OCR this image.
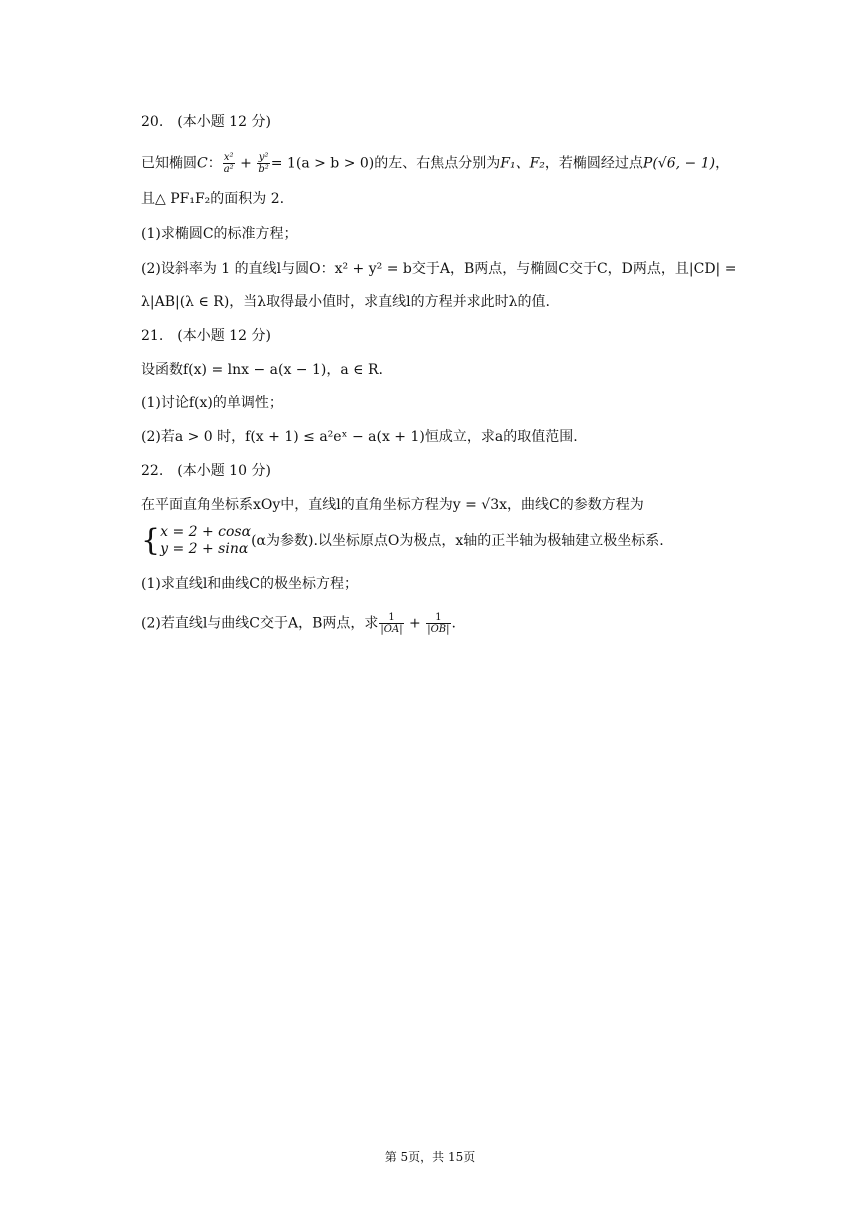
20.　(本小题 12 分)
已知椭圆C： $\frac{\text{x²}}{\text{a²}} + \frac{\text{y²}}{\text{b²}} = 1(a > b > 0)$的左、右焦点分别为F₁、F₂，若椭圆经过点P(√6, − 1)，
且△ PF₁F₂的面积为 2.
(1)求椭圆C的标准方程；
(2)设斜率为 1 的直线l与圆O：x² + y² = b交于A，B两点，与椭圆C交于C，D两点，且|CD| =
λ|AB|(λ ∈ R)，当λ取得最小值时，求直线l的方程并求此时λ的值.
21.　(本小题 12 分)
设函数f(x) = lnx − a(x − 1)，a ∈ R.
(1)讨论f(x)的单调性；
(2)若a > 0 时，f(x + 1) ≤ a²eˣ − a(x + 1)恒成立，求a的取值范围.
22.　(本小题 10 分)
在平面直角坐标系xOy中，直线l的直角坐标方程为y = √3x，曲线C的参数方程为
{ x = 2 + cosα
y = 2 + sinα (α为参数).以坐标原点O为极点，x轴的正半轴为极轴建立极坐标系.
(1)求直线l和曲线C的极坐标方程；
(2)若直线l与曲线C交于A，B两点，求 $\frac{1}{|OA|} + \frac{1}{|OB|}$ .
第 5页，共 15页
